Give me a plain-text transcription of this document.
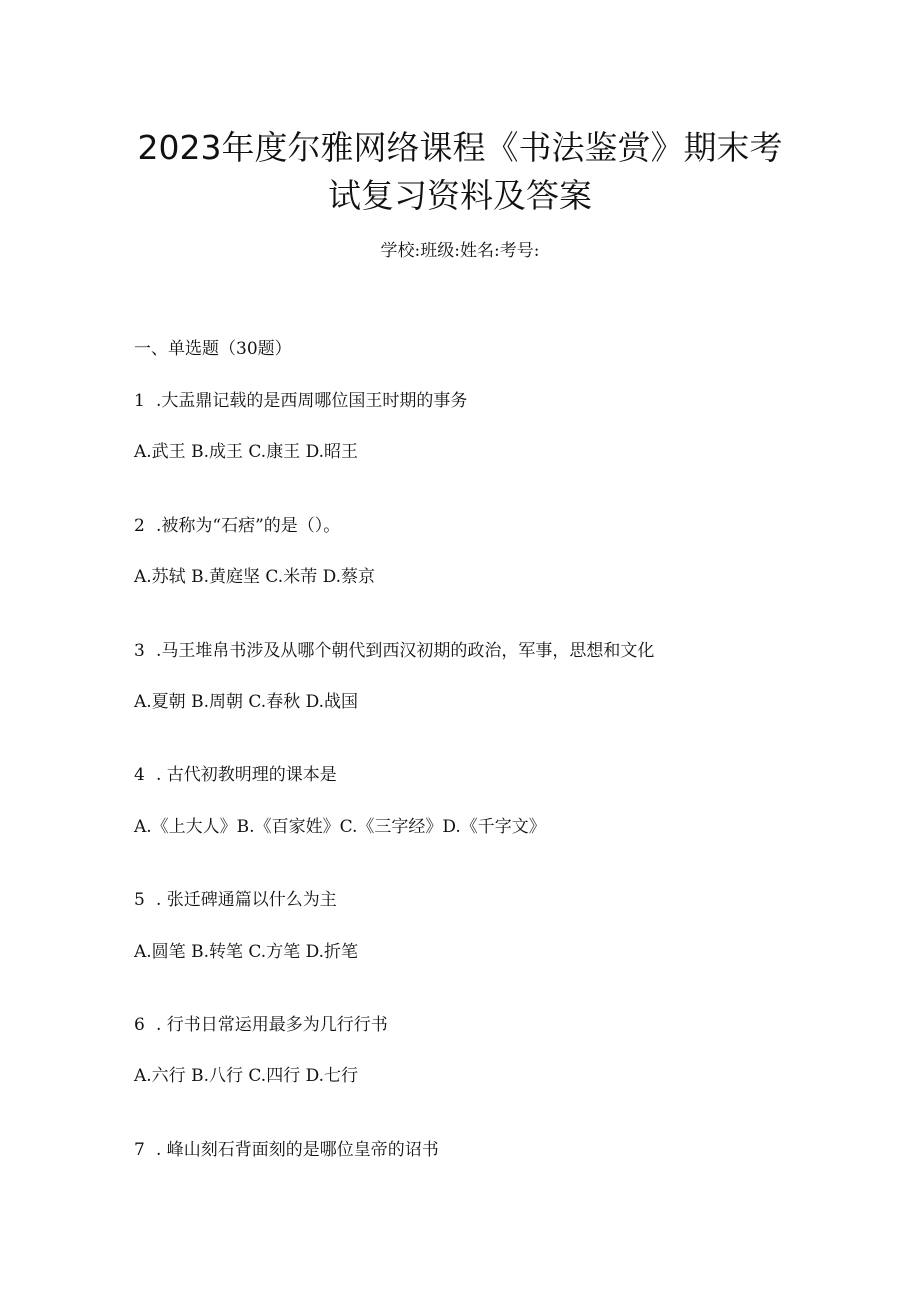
2023年度尔雅网络课程《书法鉴赏》期末考
试复习资料及答案
学校:班级:姓名:考号:
一、单选题（30题）
1 .大盂鼎记载的是西周哪位国王时期的事务
A.武王 B.成王 C.康王 D.昭王
2 .被称为“石痞”的是（）。
A.苏轼 B.黄庭坚 C.米芾 D.蔡京
3 .马王堆帛书涉及从哪个朝代到西汉初期的政治，军事，思想和文化
A.夏朝 B.周朝 C.春秋 D.战国
4 . 古代初教明理的课本是
A.《上大人》B.《百家姓》C.《三字经》D.《千字文》
5 . 张迁碑通篇以什么为主
A.圆笔 B.转笔 C.方笔 D.折笔
6 . 行书日常运用最多为几行行书
A.六行 B.八行 C.四行 D.七行
7 . 峰山刻石背面刻的是哪位皇帝的诏书
